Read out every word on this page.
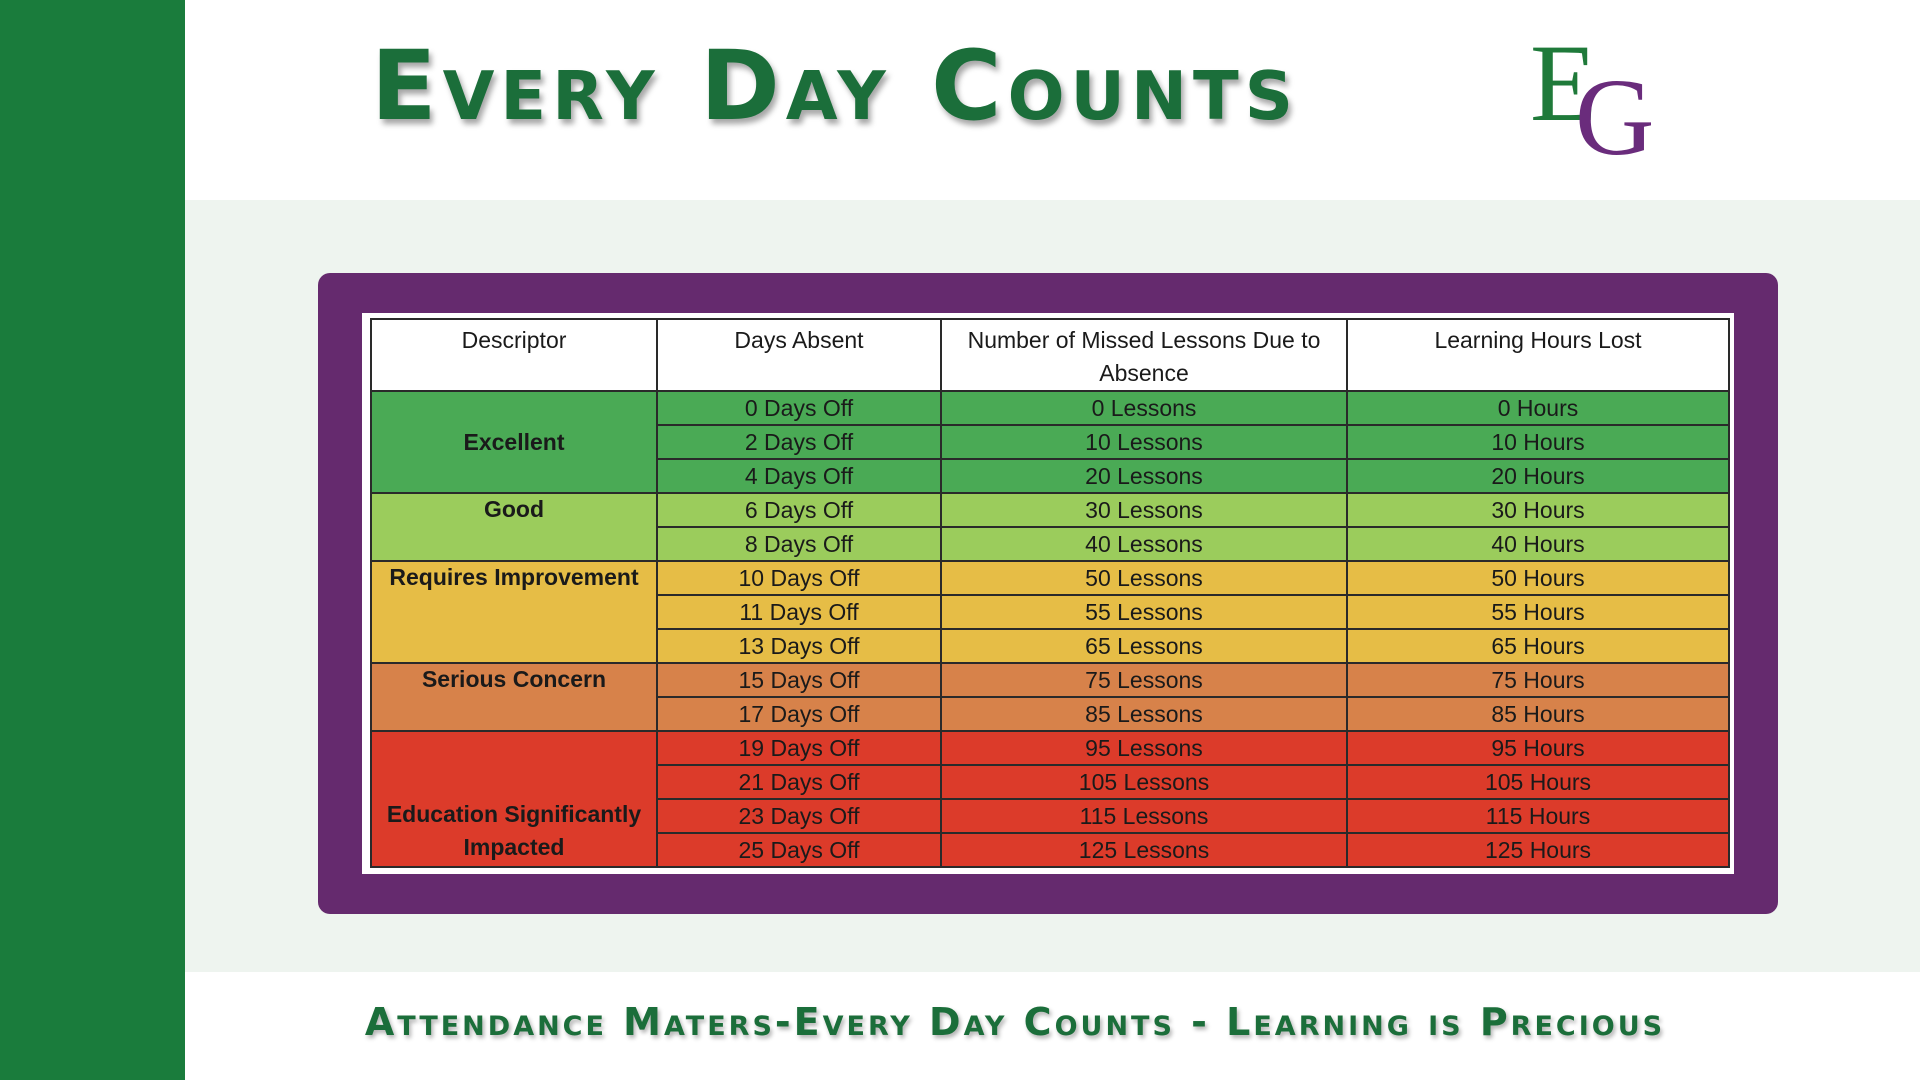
Every Day Counts	E
G
Descriptor	Days Absent	Number of Missed Lessons Due to Absence	Learning Hours Lost
Excellent	0 Days Off	0 Lessons	0 Hours
	2 Days Off	10 Lessons	10 Hours
	4 Days Off	20 Lessons	20 Hours
Good	6 Days Off	30 Lessons	30 Hours
	8 Days Off	40 Lessons	40 Hours
Requires Improvement	10 Days Off	50 Lessons	50 Hours
	11 Days Off	55 Lessons	55 Hours
	13 Days Off	65 Lessons	65 Hours
Serious Concern	15 Days Off	75 Lessons	75 Hours
	17 Days Off	85 Lessons	85 Hours
Education Significantly Impacted	19 Days Off	95 Lessons	95 Hours
	21 Days Off	105 Lessons	105 Hours
	23 Days Off	115 Lessons	115 Hours
	25 Days Off	125 Lessons	125 Hours
Attendance Maters-Every Day Counts - Learning is Precious
